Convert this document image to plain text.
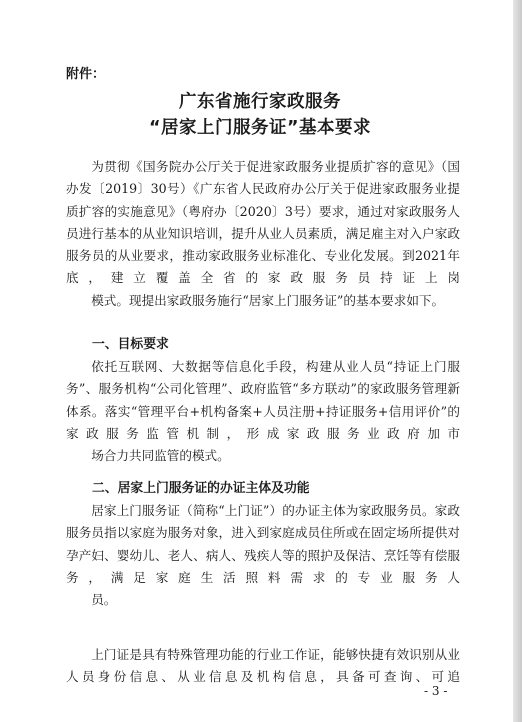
附件：
广东省施行家政服务
“居家上门服务证”基本要求
为贯彻《国务院办公厅关于促进家政服务业提质扩容的意见》（国办发〔2019〕30号）《广东省人民政府办公厅关于促进家政服务业提质扩容的实施意见》（粤府办〔2020〕3号）要求，通过对家政服务人员进行基本的从业知识培训，提升从业人员素质，满足雇主对入户家政服务员的从业要求，推动家政服务业标准化、专业化发展。到2021年底，建立覆盖全省的家政服务员持证上岗
模式。现提出家政服务施行“居家上门服务证”的基本要求如下。
一、目标要求
依托互联网、大数据等信息化手段，构建从业人员“持证上门服务”、服务机构“公司化管理”、政府监管“多方联动”的家政服务管理新体系。落实“管理平台+机构备案+人员注册+持证服务+信用评价”的家政服务监管机制，形成家政服务业政府加市
场合力共同监管的模式。
二、居家上门服务证的办证主体及功能
居家上门服务证（简称“上门证”）的办证主体为家政服务员。家政服务员指以家庭为服务对象，进入到家庭成员住所或在固定场所提供对孕产妇、婴幼儿、老人、病人、残疾人等的照护及保洁、烹饪等有偿服务，满足家庭生活照料需求的专业服务人
员。
上门证是具有特殊管理功能的行业工作证，能够快捷有效识别从业人员身份信息、从业信息及机构信息，具备可查询、可追
- 3 -
